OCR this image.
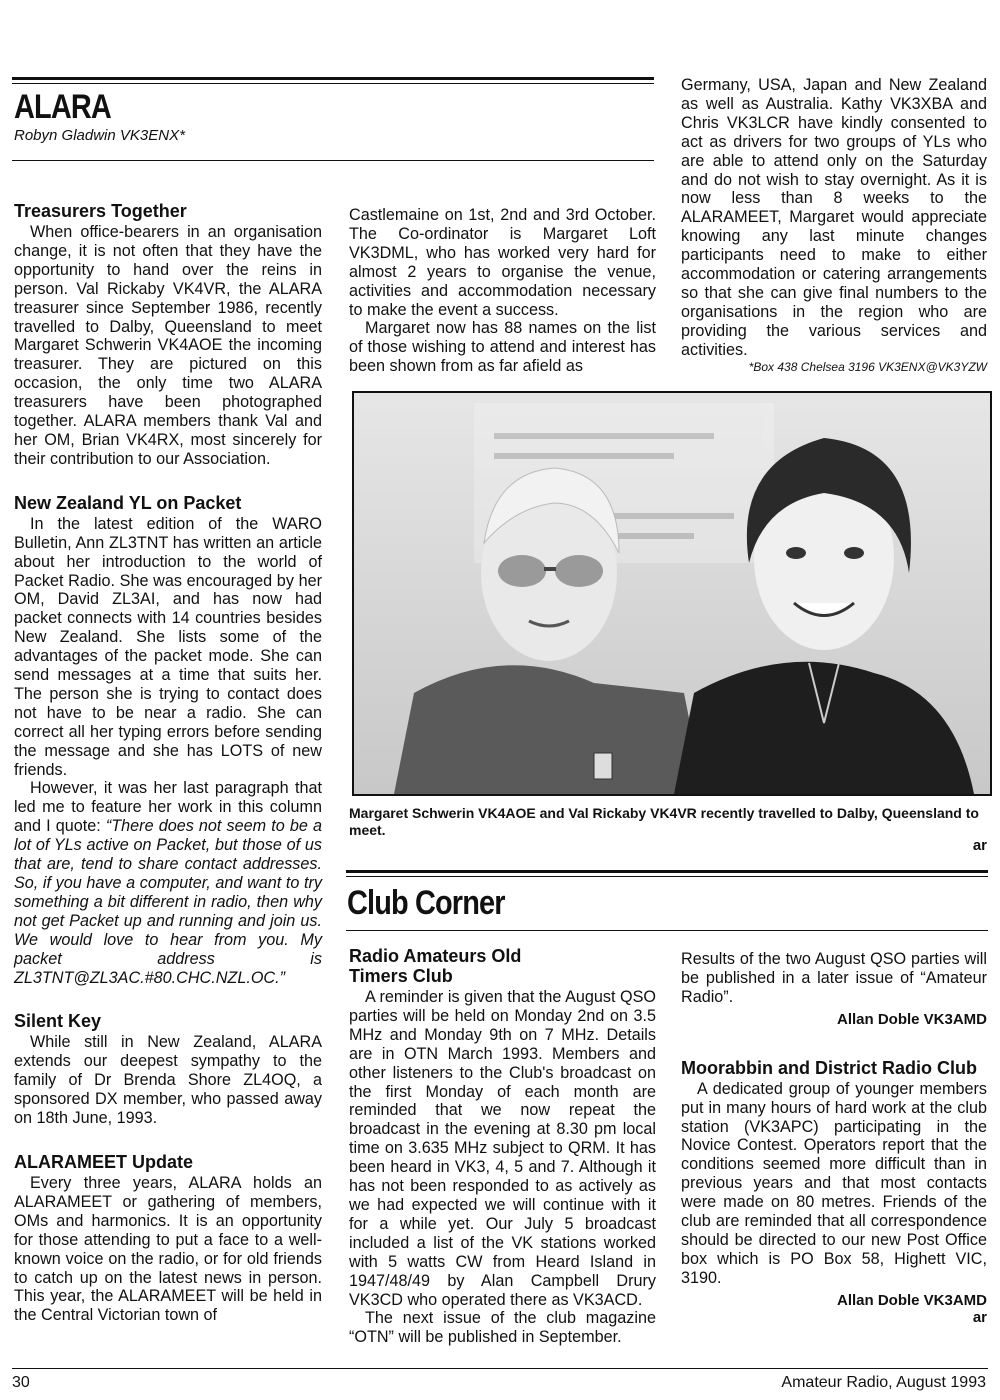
ALARA
Robyn Gladwin VK3ENX*
Treasurers Together

When office-bearers in an organisation change, it is not often that they have the opportunity to hand over the reins in person. Val Rickaby VK4VR, the ALARA treasurer since September 1986, recently travelled to Dalby, Queensland to meet Margaret Schwerin VK4AOE the incoming treasurer. They are pictured on this occasion, the only time two ALARA treasurers have been photographed together. ALARA members thank Val and her OM, Brian VK4RX, most sincerely for their contribution to our Association.

New Zealand YL on Packet

In the latest edition of the WARO Bulletin, Ann ZL3TNT has written an article about her introduction to the world of Packet Radio. She was encouraged by her OM, David ZL3AI, and has now had packet connects with 14 countries besides New Zealand. She lists some of the advantages of the packet mode. She can send messages at a time that suits her. The person she is trying to contact does not have to be near a radio. She can correct all her typing errors before sending the message and she has LOTS of new friends.

However, it was her last paragraph that led me to feature her work in this column and I quote: “There does not seem to be a lot of YLs active on Packet, but those of us that are, tend to share contact addresses. So, if you have a computer, and want to try something a bit different in radio, then why not get Packet up and running and join us. We would love to hear from you. My packet address is ZL3TNT@ZL3AC.#80.CHC.NZL.OC.”

Silent Key

While still in New Zealand, ALARA extends our deepest sympathy to the family of Dr Brenda Shore ZL4OQ, a sponsored DX member, who passed away on 18th June, 1993.

ALARAMEET Update

Every three years, ALARA holds an ALARAMEET or gathering of members, OMs and harmonics. It is an opportunity for those attending to put a face to a well-known voice on the radio, or for old friends to catch up on the latest news in person. This year, the ALARAMEET will be held in the Central Victorian town of

Castlemaine on 1st, 2nd and 3rd October. The Co-ordinator is Margaret Loft VK3DML, who has worked very hard for almost 2 years to organise the venue, activities and accommodation necessary to make the event a success.

Margaret now has 88 names on the list of those wishing to attend and interest has been shown from as far afield as

Germany, USA, Japan and New Zealand as well as Australia. Kathy VK3XBA and Chris VK3LCR have kindly consented to act as drivers for two groups of YLs who are able to attend only on the Saturday and do not wish to stay overnight. As it is now less than 8 weeks to the ALARAMEET, Margaret would appreciate knowing any last minute changes participants need to make to either accommodation or catering arrangements so that she can give final numbers to the organisations in the region who are providing the various services and activities.

*Box 438 Chelsea 3196 VK3ENX@VK3YZW
Margaret Schwerin VK4AOE and Val Rickaby VK4VR recently travelled to Dalby, Queensland to meet.
ar
Club Corner
Radio Amateurs Old Timers Club

A reminder is given that the August QSO parties will be held on Monday 2nd on 3.5 MHz and Monday 9th on 7 MHz. Details are in OTN March 1993. Members and other listeners to the Club's broadcast on the first Monday of each month are reminded that we now repeat the broadcast in the evening at 8.30 pm local time on 3.635 MHz subject to QRM. It has been heard in VK3, 4, 5 and 7. Although it has not been responded to as actively as we had expected we will continue with it for a while yet. Our July 5 broadcast included a list of the VK stations worked with 5 watts CW from Heard Island in 1947/48/49 by Alan Campbell Drury VK3CD who operated there as VK3ACD.

The next issue of the club magazine “OTN” will be published in September.

Results of the two August QSO parties will be published in a later issue of “Amateur Radio”.

Allan Doble VK3AMD
Moorabbin and District Radio Club

A dedicated group of younger members put in many hours of hard work at the club station (VK3APC) participating in the Novice Contest. Operators report that the conditions seemed more difficult than in previous years and that most contacts were made on 80 metres. Friends of the club are reminded that all correspondence should be directed to our new Post Office box which is PO Box 58, Highett VIC, 3190.

Allan Doble VK3AMD
ar
30	Amateur Radio, August 1993
